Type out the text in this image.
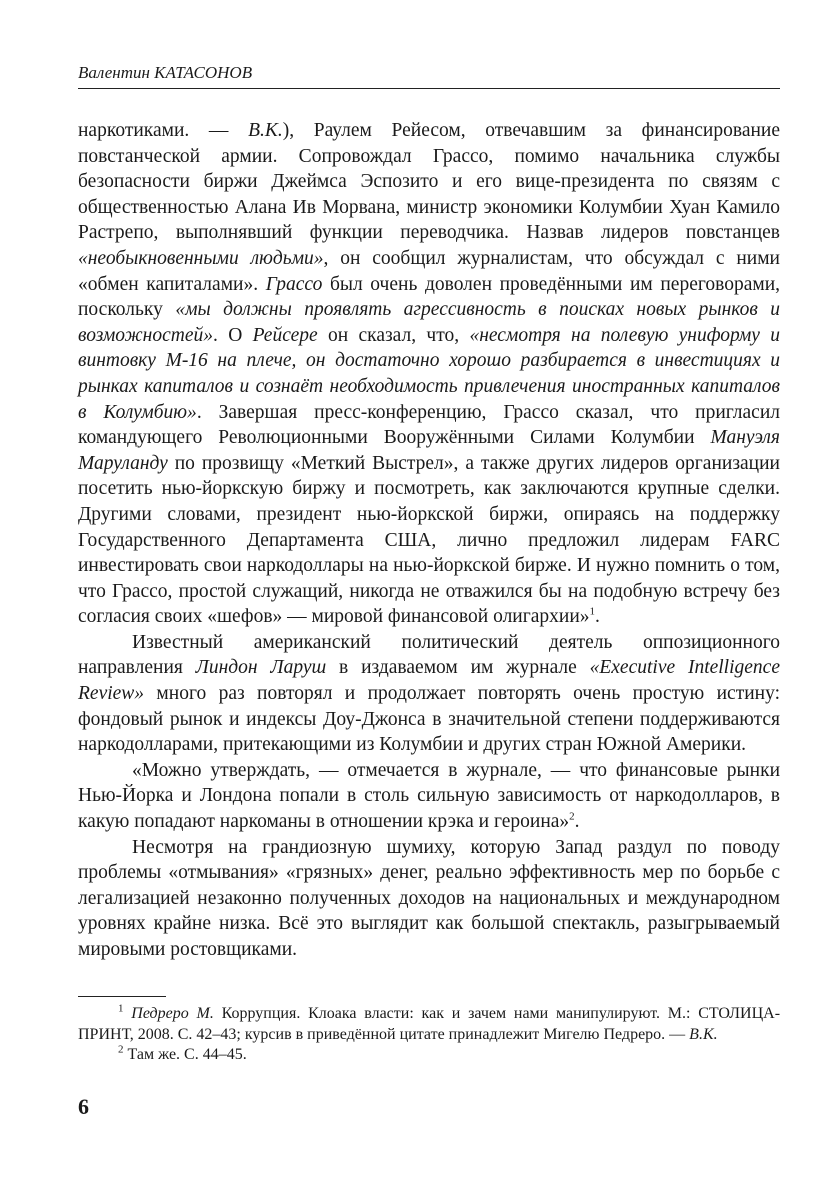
Валентин КАТАСОНОВ

наркотиками. — В.К.), Раулем Рейесом, отвечавшим за финансирование повстанческой армии. Сопровождал Грассо, помимо начальника службы безопасности биржи Джеймса Эспозито и его вице-президента по связям с общественностью Алана Ив Морвана, министр экономики Колумбии Хуан Камило Растрепо, выполнявший функции переводчика. Назвав лидеров повстанцев «необыкновенными людьми», он сообщил журналистам, что обсуждал с ними «обмен капиталами». Грассо был очень доволен проведёнными им переговорами, поскольку «мы должны проявлять агрессивность в поисках новых рынков и возможностей». О Рейсере он сказал, что, «несмотря на полевую униформу и винтовку М-16 на плече, он достаточно хорошо разбирается в инвестициях и рынках капиталов и сознаёт необходимость привлечения иностранных капиталов в Колумбию». Завершая пресс-конференцию, Грассо сказал, что пригласил командующего Революционными Вооружёнными Силами Колумбии Мануэля Маруланду по прозвищу «Меткий Выстрел», а также других лидеров организации посетить нью-йоркскую биржу и посмотреть, как заключаются крупные сделки. Другими словами, президент нью-йоркской биржи, опираясь на поддержку Государственного Департамента США, лично предложил лидерам FARC инвестировать свои наркодоллары на нью-йоркской бирже. И нужно помнить о том, что Грассо, простой служащий, никогда не отважился бы на подобную встречу без согласия своих «шефов» — мировой финансовой олигархии»$^1$.

Известный американский политический деятель оппозиционного направления Линдон Ларуш в издаваемом им журнале «Executive Intelligence Review» много раз повторял и продолжает повторять очень простую истину: фондовый рынок и индексы Доу-Джонса в значительной степени поддерживаются наркодолларами, притекающими из Колумбии и других стран Южной Америки.

«Можно утверждать, — отмечается в журнале, — что финансовые рынки Нью-Йорка и Лондона попали в столь сильную зависимость от наркодолларов, в какую попадают наркоманы в отношении крэка и героина»$^2$.

Несмотря на грандиозную шумиху, которую Запад раздул по поводу проблемы «отмывания» «грязных» денег, реально эффективность мер по борьбе с легализацией незаконно полученных доходов на национальных и международном уровнях крайне низка. Всё это выглядит как большой спектакль, разыгрываемый мировыми ростовщиками.

$^1$ Педреро М. Коррупция. Клоака власти: как и зачем нами манипулируют. М.: СТОЛИЦА-ПРИНТ, 2008. С. 42–43; курсив в приведённой цитате принадлежит Мигелю Педреро. — В.К.

$^2$ Там же. С. 44–45.

6
